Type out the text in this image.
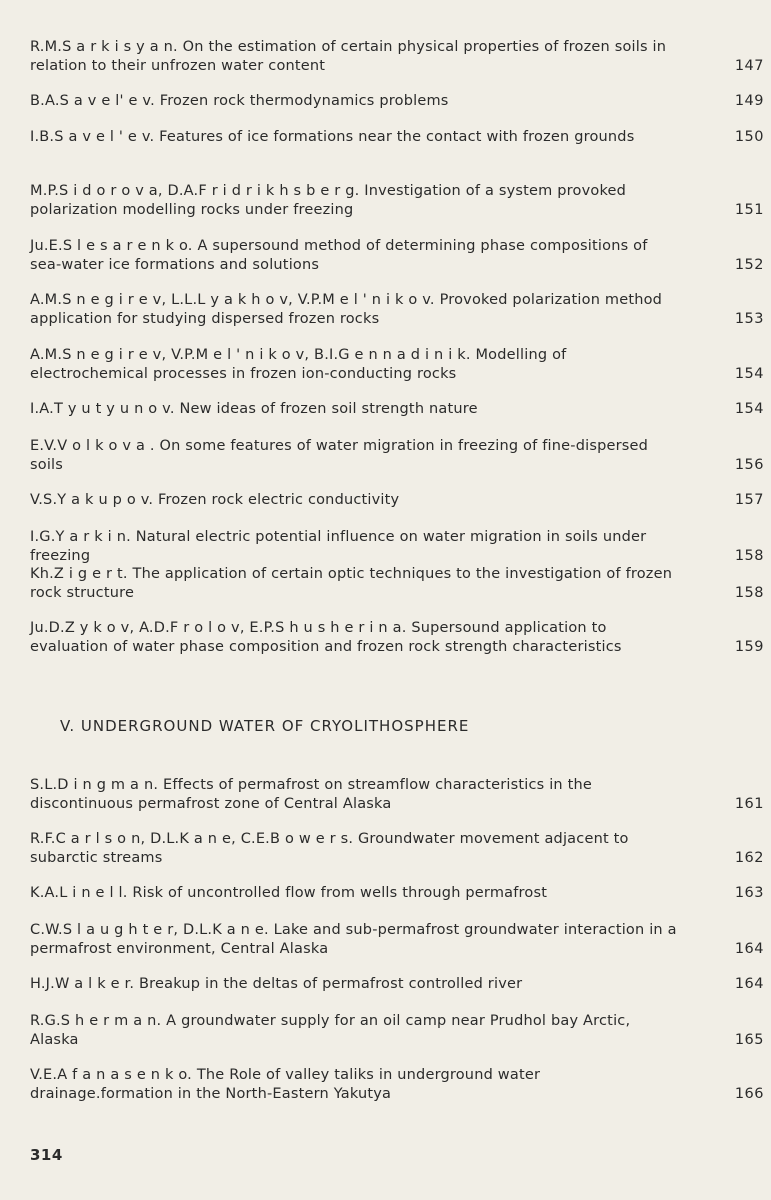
R.M.S a r k i s y a n. On the estimation of certain physical properties of frozen soils in relation to their unfrozen water content	147
B.A.S a v e l' e v. Frozen rock thermodynamics problems	149
I.B.S a v e l ' e v. Features of ice formations near the contact with frozen grounds	150
M.P.S i d o r o v a, D.A.F r i d r i k h s b e r g. Investigation of a system provoked polarization modelling rocks under freezing	151
Ju.E.S l e s a r e n k o. A supersound method of determining phase compositions of sea-water ice formations and solutions	152
A.M.S n e g i r e v, L.L.L y a k h o v, V.P.M e l ' n i k o v. Provoked polarization method application for studying dispersed frozen rocks	153
A.M.S n e g i r e v, V.P.M e l ' n i k o v, B.I.G e n n a d i n i k. Modelling of electrochemical processes in frozen ion-conducting rocks	154
I.A.T y u t y u n o v. New ideas of frozen soil strength nature	154
E.V.V o l k o v a . On some features of water migration in freezing of fine-dispersed soils	156
V.S.Y a k u p o v. Frozen rock electric conductivity	157
I.G.Y a r k i n. Natural electric potential influence on water migration in soils under freezing	158
Kh.Z i g e r t. The application of certain optic techniques to the investigation of frozen rock structure	158
Ju.D.Z y k o v, A.D.F r o l o v, E.P.S h u s h e r i n a. Supersound application to evaluation of water phase composition and frozen rock strength characteristics	159
V. UNDERGROUND WATER OF CRYOLITHOSPHERE
S.L.D i n g m a n. Effects of permafrost on streamflow characteristics in the discontinuous permafrost zone of Central Alaska	161
R.F.C a r l s o n, D.L.K a n e, C.E.B o w e r s. Groundwater movement adjacent to subarctic streams	162
K.A.L i n e l l. Risk of uncontrolled flow from wells through permafrost	163
C.W.S l a u g h t e r, D.L.K a n e. Lake and sub-permafrost groundwater interaction in a permafrost environment, Central Alaska	164
H.J.W a l k e r. Breakup in the deltas of permafrost controlled river	164
R.G.S h e r m a n. A groundwater supply for an oil camp near Prudhol bay Arctic, Alaska	165
V.E.A f a n a s e n k o. The Role of valley taliks in underground water drainage.formation in the North-Eastern Yakutya	166
314
